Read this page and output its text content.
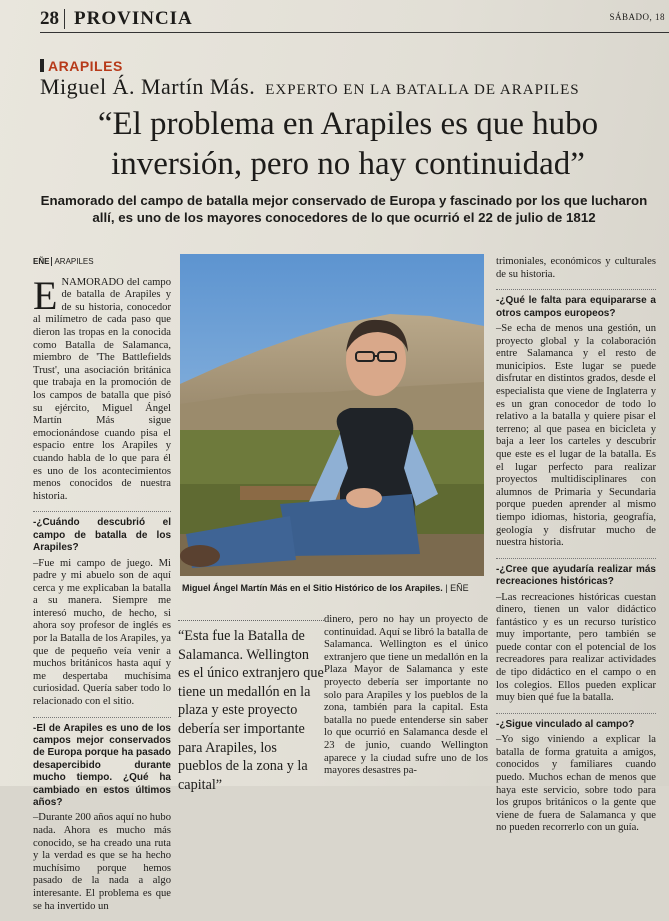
28 PROVINCIA	SÁBADO, 18
ARAPILES
Miguel Á. Martín Más. EXPERTO EN LA BATALLA DE ARAPILES
“El problema en Arapiles es que hubo inversión, pero no hay continuidad”
Enamorado del campo de batalla mejor conservado de Europa y fascinado por los que lucharon allí, es uno de los mayores conocedores de lo que ocurrió el 22 de julio de 1812
EÑE ARAPILES

ENAMORADO del campo de batalla de Arapiles y de su historia, conocedor al milímetro de cada paso que dieron las tropas en la conocida como Batalla de Salamanca, miembro de 'The Battlefields Trust', una asociación británica que trabaja en la promoción de los campos de batalla que pisó su ejército, Miguel Ángel Martín Más sigue emocionándose cuando pisa el espacio entre los Arapiles y cuando habla de lo que para él es uno de los acontecimientos menos conocidos de nuestra historia.

-¿Cuándo descubrió el campo de batalla de los Arapiles?

–Fue mi campo de juego. Mi padre y mi abuelo son de aquí cerca y me explicaban la batalla a su manera. Siempre me interesó mucho, de hecho, si ahora soy profesor de inglés es por la Batalla de los Arapiles, ya que de pequeño veía venir a muchos británicos hasta aquí y me despertaba muchísima curiosidad. Quería saber todo lo relacionado con el sitio.

-El de Arapiles es uno de los campos mejor conservados de Europa porque ha pasado desapercibido durante mucho tiempo. ¿Qué ha cambiado en estos últimos años?

–Durante 200 años aquí no hubo nada. Ahora es mucho más conocido, se ha creado una ruta y la verdad es que se ha hecho muchísimo porque hemos pasado de la nada a algo interesante. El problema es que se ha invertido un

Miguel Ángel Martín Más en el Sitio Histórico de los Arapiles. | EÑE
“Esta fue la Batalla de Salamanca. Wellington es el único extranjero que tiene un medallón en la plaza y este proyecto debería ser importante para Arapiles, los pueblos de la zona y la capital”

dinero, pero no hay un proyecto de continuidad. Aquí se libró la batalla de Salamanca. Wellington es el único extranjero que tiene un medallón en la Plaza Mayor de Salamanca y este proyecto debería ser importante no solo para Arapiles y los pueblos de la zona, también para la capital. Esta batalla no puede entenderse sin saber lo que ocurrió en Salamanca desde el 23 de junio, cuando Wellington aparece y la ciudad sufre uno de los mayores desastres pa-

trimoniales, económicos y culturales de su historia.

-¿Qué le falta para equipararse a otros campos europeos?

–Se echa de menos una gestión, un proyecto global y la colaboración entre Salamanca y el resto de municipios. Este lugar se puede disfrutar en distintos grados, desde el especialista que viene de Inglaterra y es un gran conocedor de todo lo relativo a la batalla y quiere pisar el terreno; al que pasea en bicicleta y baja a leer los carteles y descubrir que este es el lugar de la batalla. Es el lugar perfecto para realizar proyectos multidisciplinares con alumnos de Primaria y Secundaria porque pueden aprender al mismo tiempo idiomas, historia, geografía, geología y disfrutar mucho de nuestra historia.

-¿Cree que ayudaría realizar más recreaciones históricas?

–Las recreaciones históricas cuestan dinero, tienen un valor didáctico fantástico y es un recurso turístico muy importante, pero también se puede contar con el potencial de los recreadores para realizar actividades de tipo didáctico en el campo o en los colegios. Ellos pueden explicar muy bien qué fue la batalla.

-¿Sigue vinculado al campo?

–Yo sigo viniendo a explicar la batalla de forma gratuita a amigos, conocidos y familiares cuando puedo. Muchos echan de menos que haya este servicio, sobre todo para los grupos británicos o la gente que viene de fuera de Salamanca y que no pueden recorrerlo con un guía.
